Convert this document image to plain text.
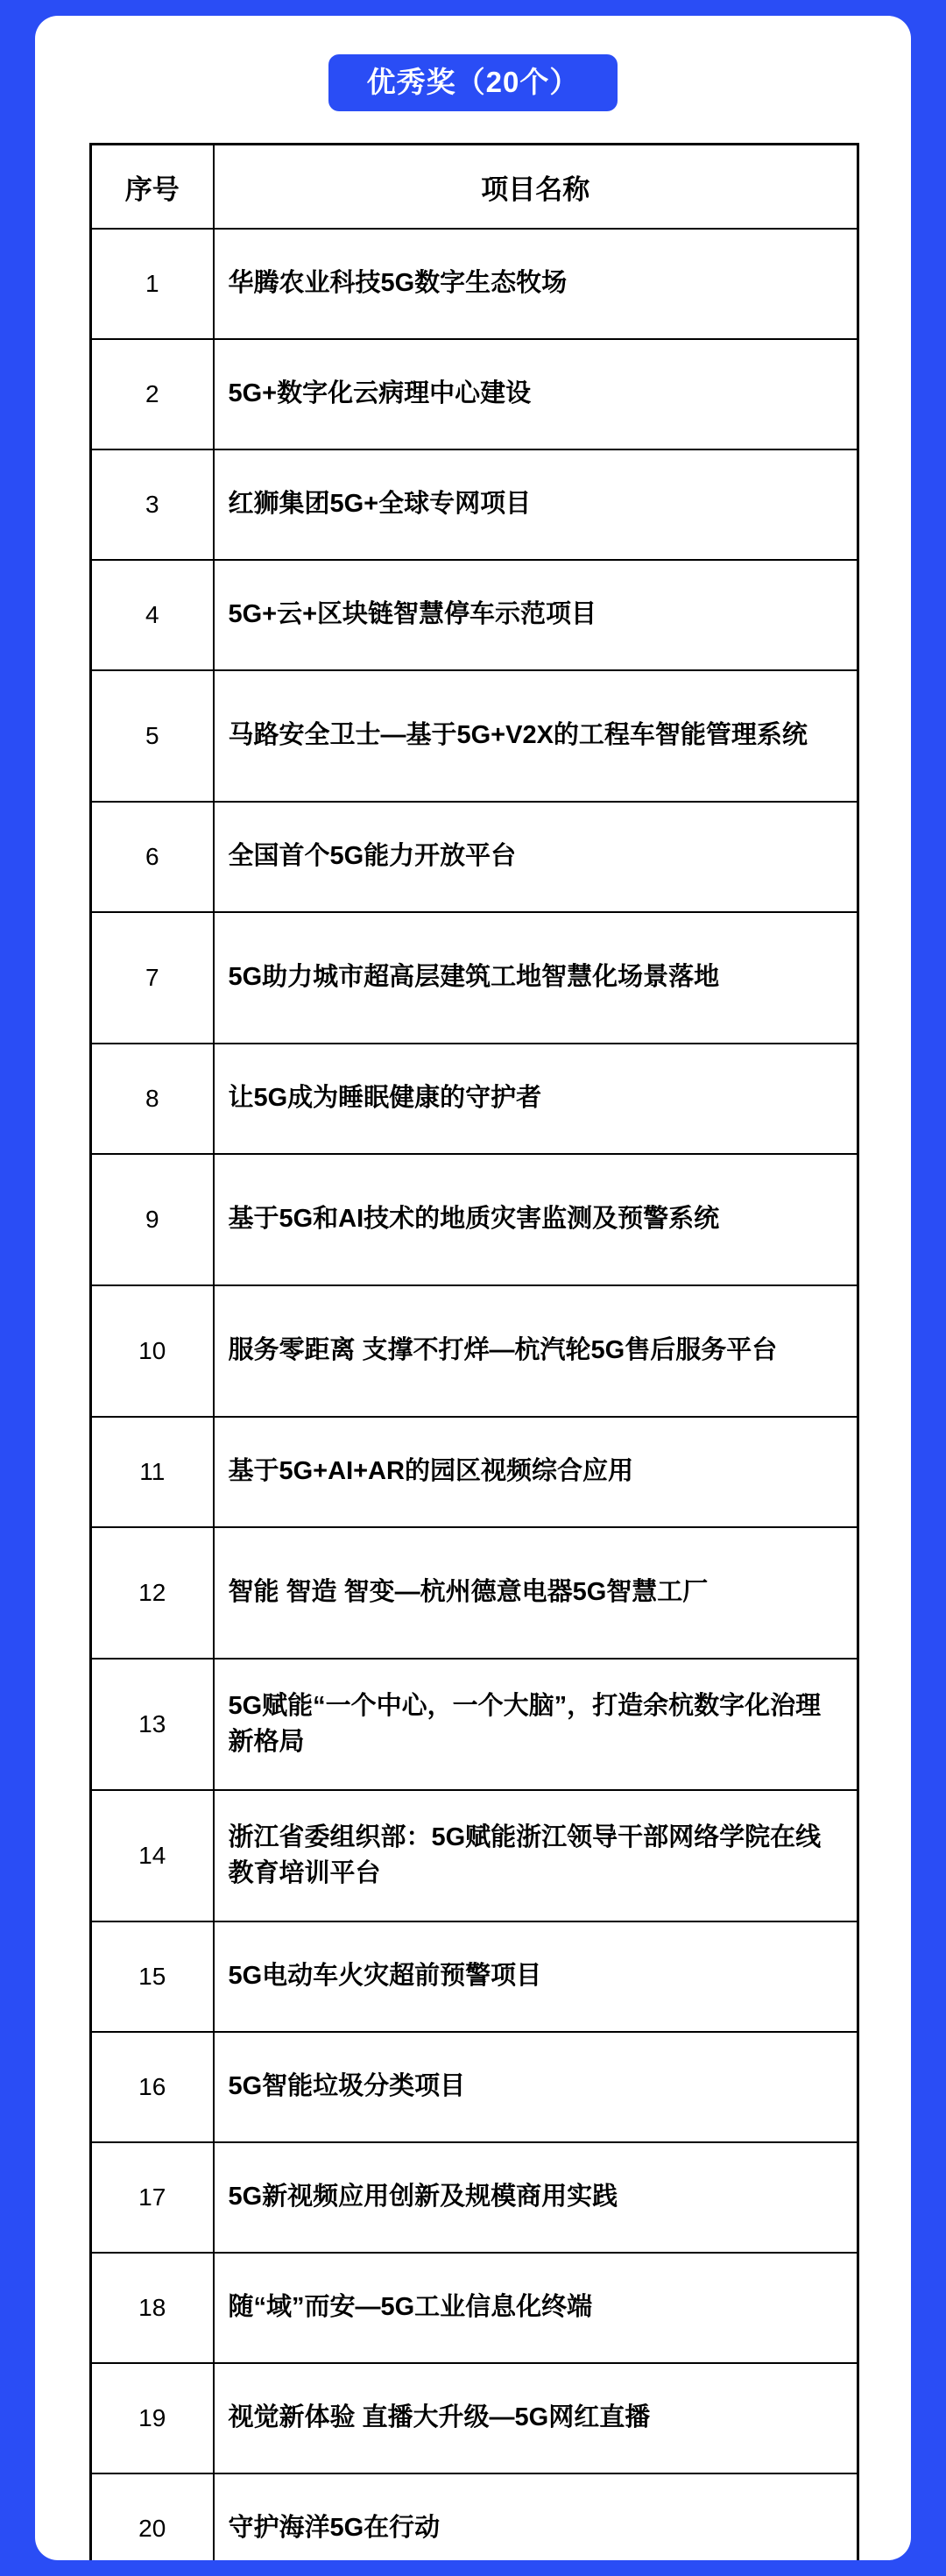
优秀奖（20个）
序号	项目名称
1	华腾农业科技5G数字生态牧场
2	5G+数字化云病理中心建设
3	红狮集团5G+全球专网项目
4	5G+云+区块链智慧停车示范项目
5	马路安全卫士—基于5G+V2X的工程车智能管理系统
6	全国首个5G能力开放平台
7	5G助力城市超高层建筑工地智慧化场景落地
8	让5G成为睡眠健康的守护者
9	基于5G和AI技术的地质灾害监测及预警系统
10	服务零距离 支撑不打烊—杭汽轮5G售后服务平台
11	基于5G+AI+AR的园区视频综合应用
12	智能 智造 智变—杭州德意电器5G智慧工厂
13	5G赋能“一个中心，一个大脑”，打造余杭数字化治理新格局
14	浙江省委组织部：5G赋能浙江领导干部网络学院在线教育培训平台
15	5G电动车火灾超前预警项目
16	5G智能垃圾分类项目
17	5G新视频应用创新及规模商用实践
18	随“域”而安—5G工业信息化终端
19	视觉新体验 直播大升级—5G网红直播
20	守护海洋5G在行动
